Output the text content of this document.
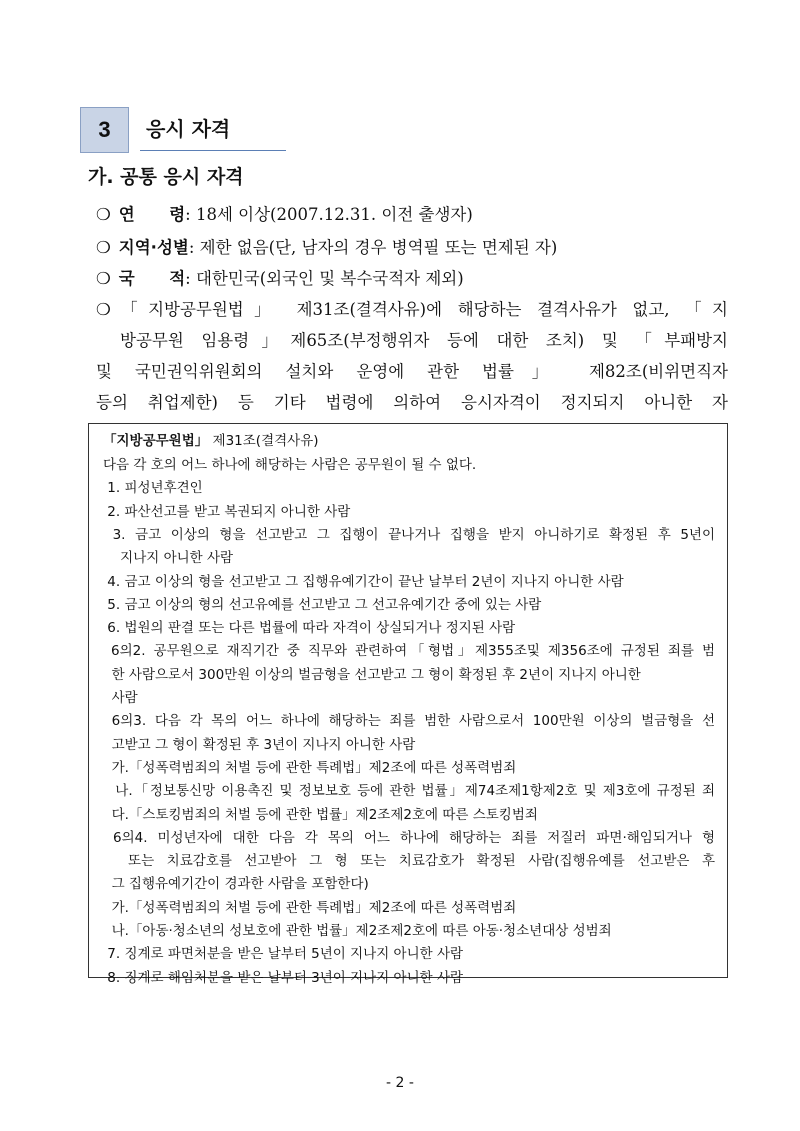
3	응시 자격
가. 공통 응시 자격
❍ 연      령: 18세 이상(2007.12.31. 이전 출생자)
❍ 지역·성별: 제한 없음(단, 남자의 경우 병역필 또는 면제된 자)
❍ 국      적: 대한민국(외국인 및 복수국적자 제외)
❍「지방공무원법」 제31조(결격사유)에 해당하는 결격사유가 없고, 「지
방공무원 임용령」제65조(부정행위자 등에 대한 조치) 및 「부패방지
및 국민권익위원회의 설치와 운영에 관한 법률」 제82조(비위면직자
등의 취업제한) 등 기타 법령에 의하여 응시자격이 정지되지 아니한 자
「지방공무원법」 제31조(결격사유)
다음 각 호의 어느 하나에 해당하는 사람은 공무원이 될 수 없다.
1. 피성년후견인
2. 파산선고를 받고 복권되지 아니한 사람
3. 금고 이상의 형을 선고받고 그 집행이 끝나거나 집행을 받지 아니하기로 확정된 후 5년이
지나지 아니한 사람
4. 금고 이상의 형을 선고받고 그 집행유예기간이 끝난 날부터 2년이 지나지 아니한 사람
5. 금고 이상의 형의 선고유예를 선고받고 그 선고유예기간 중에 있는 사람
6. 법원의 판결 또는 다른 법률에 따라 자격이 상실되거나 정지된 사람
6의2. 공무원으로 재직기간 중 직무와 관련하여「형법」제355조및 제356조에 규정된 죄를 범
한 사람으로서 300만원 이상의 벌금형을 선고받고 그 형이 확정된 후 2년이 지나지 아니한
사람
6의3. 다음 각 목의 어느 하나에 해당하는 죄를 범한 사람으로서 100만원 이상의 벌금형을 선
고받고 그 형이 확정된 후 3년이 지나지 아니한 사람
가.「성폭력범죄의 처벌 등에 관한 특례법」제2조에 따른 성폭력범죄
나.「정보통신망 이용촉진 및 정보보호 등에 관한 법률」제74조제1항제2호 및 제3호에 규정된 죄
다.「스토킹범죄의 처벌 등에 관한 법률」제2조제2호에 따른 스토킹범죄
6의4. 미성년자에 대한 다음 각 목의 어느 하나에 해당하는 죄를 저질러 파면·해임되거나 형
또는 치료감호를 선고받아 그 형 또는 치료감호가 확정된 사람(집행유예를 선고받은 후
그 집행유예기간이 경과한 사람을 포함한다)
가.「성폭력범죄의 처벌 등에 관한 특례법」제2조에 따른 성폭력범죄
나.「아동·청소년의 성보호에 관한 법률」제2조제2호에 따른 아동·청소년대상 성범죄
7. 징계로 파면처분을 받은 날부터 5년이 지나지 아니한 사람
8. 징계로 해임처분을 받은 날부터 3년이 지나지 아니한 사람
- 2 -
